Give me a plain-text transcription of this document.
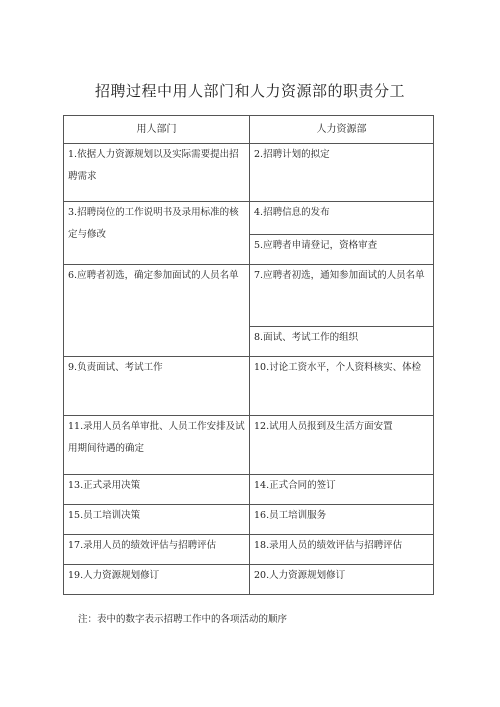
招聘过程中用人部门和人力资源部的职责分工
用人部门	人力资源部
1.依据人力资源规划以及实际需要提出招聘需求	2.招聘计划的拟定
3.招聘岗位的工作说明书及录用标准的核定与修改	4.招聘信息的发布
	5.应聘者申请登记，资格审查
6.应聘者初选，确定参加面试的人员名单	7.应聘者初选，通知参加面试的人员名单
	8.面试、考试工作的组织
9.负责面试、考试工作	10.讨论工资水平，个人资料核实、体检
11.录用人员名单审批、人员工作安排及试用期间待遇的确定	12.试用人员报到及生活方面安置
13.正式录用决策	14.正式合同的签订
15.员工培训决策	16.员工培训服务
17.录用人员的绩效评估与招聘评估	18.录用人员的绩效评估与招聘评估
19.人力资源规划修订	20.人力资源规划修订
注：表中的数字表示招聘工作中的各项活动的顺序
